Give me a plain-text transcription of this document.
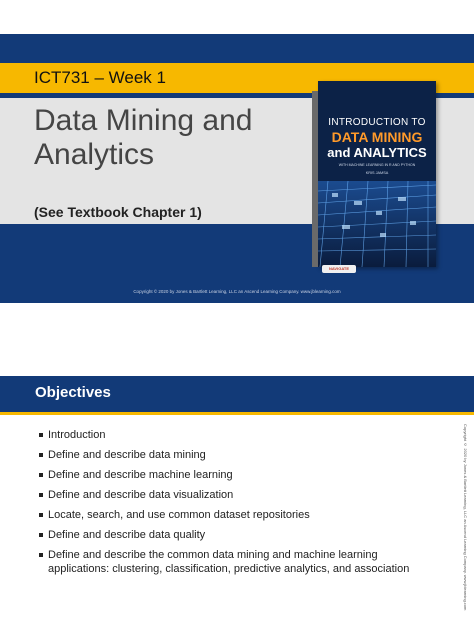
ICT731 – Week 1
Data Mining and
Analytics
(See Textbook Chapter 1)
INTRODUCTION TO
DATA MINING
and ANALYTICS
WITH MACHINE LEARNING IN R AND PYTHON
KRIS JAMSA
NAVIGATE
Copyright © 2020 by Jones & Bartlett Learning, LLC an Ascend Learning Company. www.jblearning.com
Objectives
Introduction
Define and describe data mining
Define and describe machine learning
Define and describe data visualization
Locate, search, and use common dataset repositories
Define and describe data quality
Define and describe the common data mining and machine learning applications: clustering, classification, predictive analytics, and association	Copyright © 2020 by Jones & Bartlett Learning, LLC an Ascend Learning Company. www.jblearning.com
